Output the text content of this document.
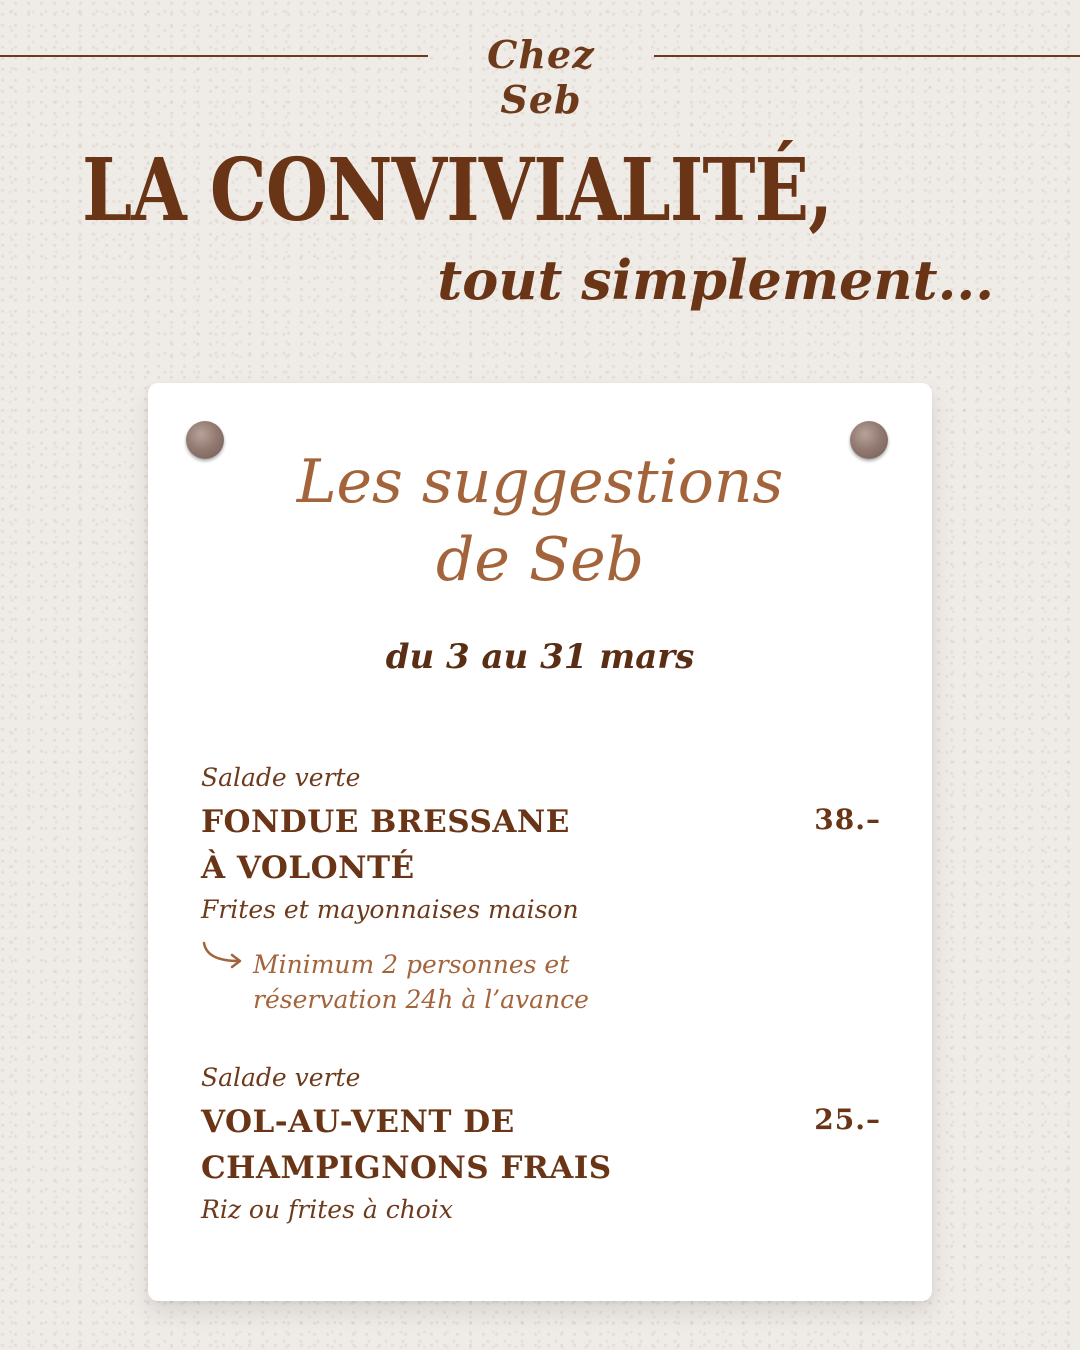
Chez Seb
LA CONVIVIALITÉ,
tout simplement...
Les suggestions
de Seb
du 3 au 31 mars
Salade verte
FONDUE BRESSANE
À VOLONTÉ
Frites et mayonnaises maison
38.–
Minimum 2 personnes et
réservation 24h à l’avance
Salade verte
VOL-AU-VENT DE
CHAMPIGNONS FRAIS
Riz ou frites à choix
25.–
